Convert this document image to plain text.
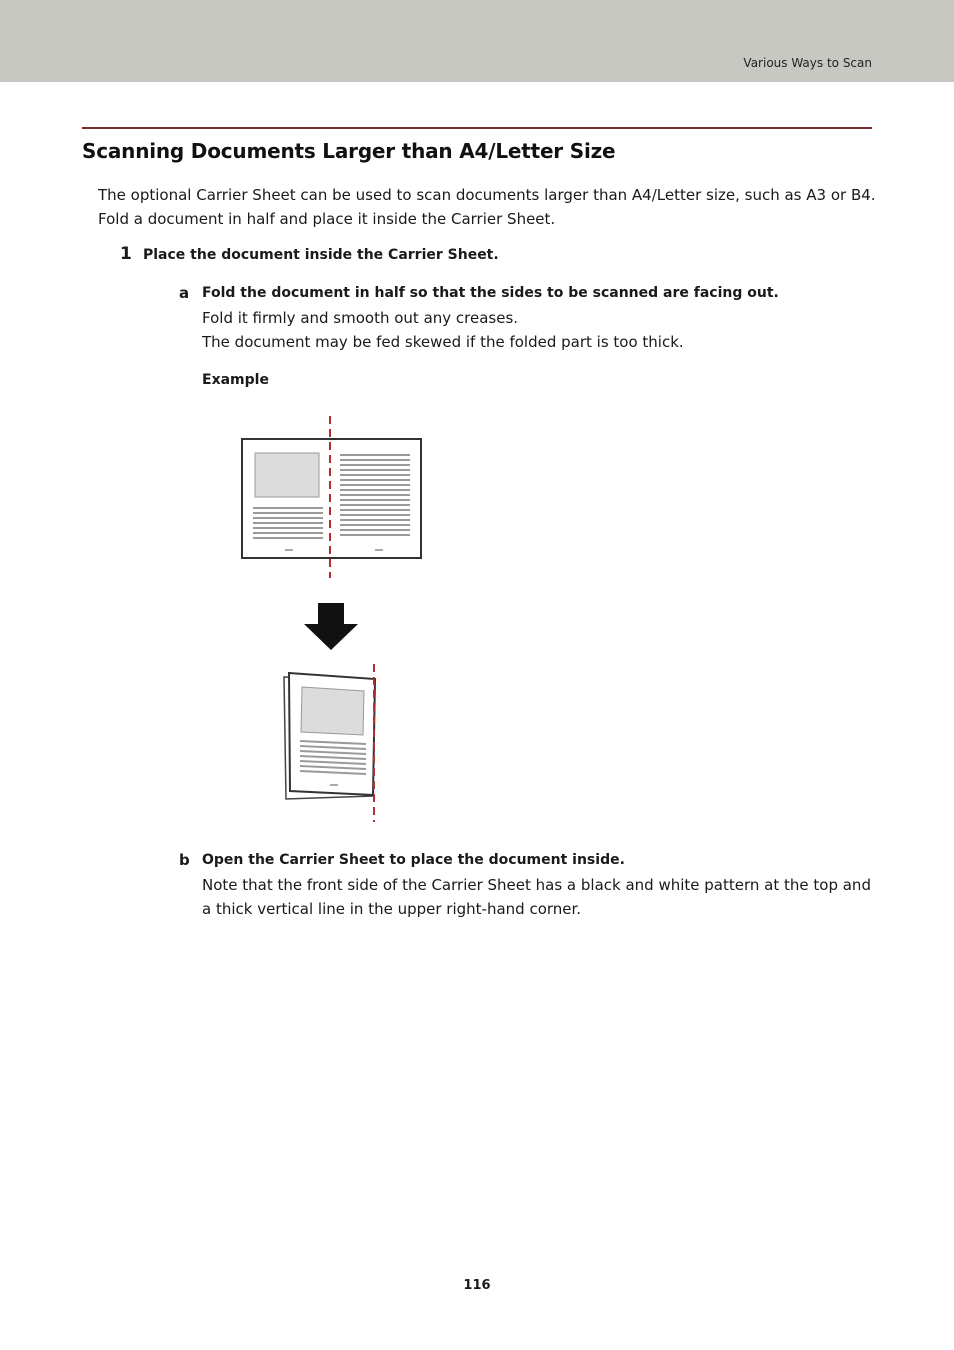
Various Ways to Scan
Scanning Documents Larger than A4/Letter Size

The optional Carrier Sheet can be used to scan documents larger than A4/Letter size, such as A3 or B4.

Fold a document in half and place it inside the Carrier Sheet.

1 Place the document inside the Carrier Sheet.
a Fold the document in half so that the sides to be scanned are facing out.

Fold it firmly and smooth out any creases.

The document may be fed skewed if the folded part is too thick.

Example
b Open the Carrier Sheet to place the document inside.

Note that the front side of the Carrier Sheet has a black and white pattern at the top and

a thick vertical line in the upper right-hand corner.

116
